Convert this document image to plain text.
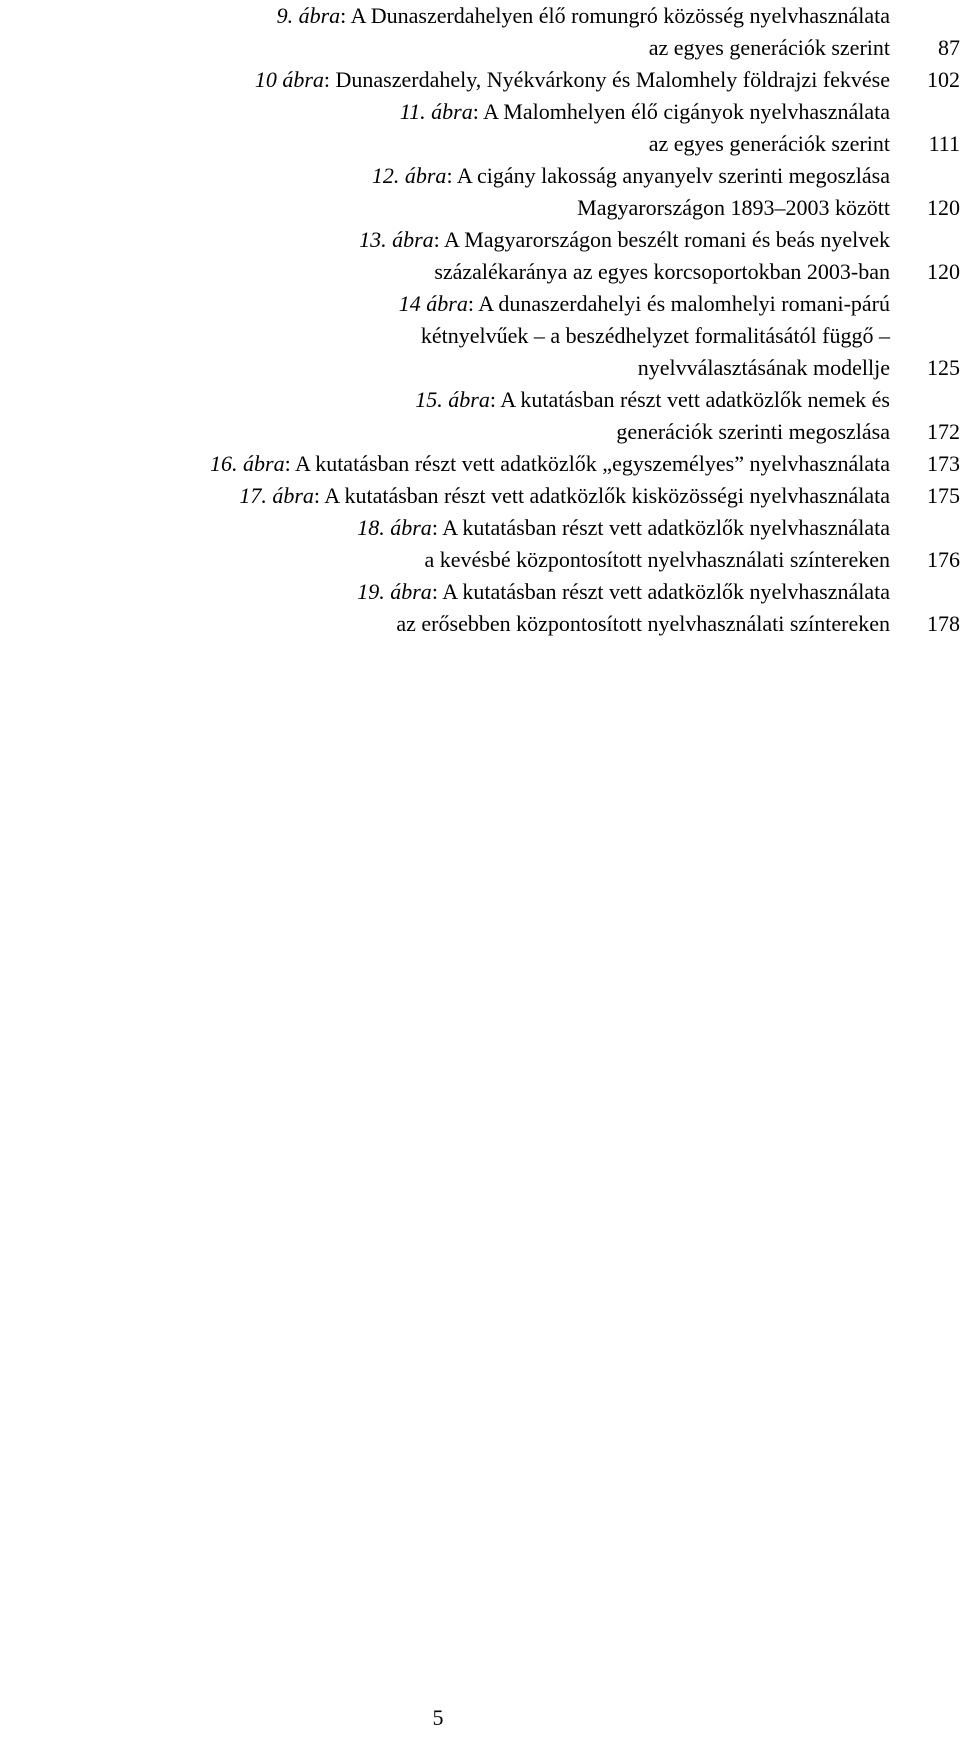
9. ábra: A Dunaszerdahelyen élő romungró közösség nyelvhasználata
az egyes generációk szerint	87
10 ábra: Dunaszerdahely, Nyékvárkony és Malomhely földrajzi fekvése	102
11. ábra: A Malomhelyen élő cigányok nyelvhasználata
az egyes generációk szerint	111
12. ábra: A cigány lakosság anyanyelv szerinti megoszlása
Magyarországon 1893–2003 között	120
13. ábra: A Magyarországon beszélt romani és beás nyelvek
százalékaránya az egyes korcsoportokban 2003-ban	120
14 ábra: A dunaszerdahelyi és malomhelyi romani-párú
kétnyelvűek – a beszédhelyzet formalitásától függő –
nyelvválasztásának modellje	125
15. ábra: A kutatásban részt vett adatközlők nemek és
generációk szerinti megoszlása	172
16. ábra: A kutatásban részt vett adatközlők „egyszemélyes” nyelvhasználata	173
17. ábra: A kutatásban részt vett adatközlők kisközösségi nyelvhasználata	175
18. ábra: A kutatásban részt vett adatközlők nyelvhasználata
a kevésbé központosított nyelvhasználati színtereken	176
19. ábra: A kutatásban részt vett adatközlők nyelvhasználata
az erősebben központosított nyelvhasználati színtereken	178
5
